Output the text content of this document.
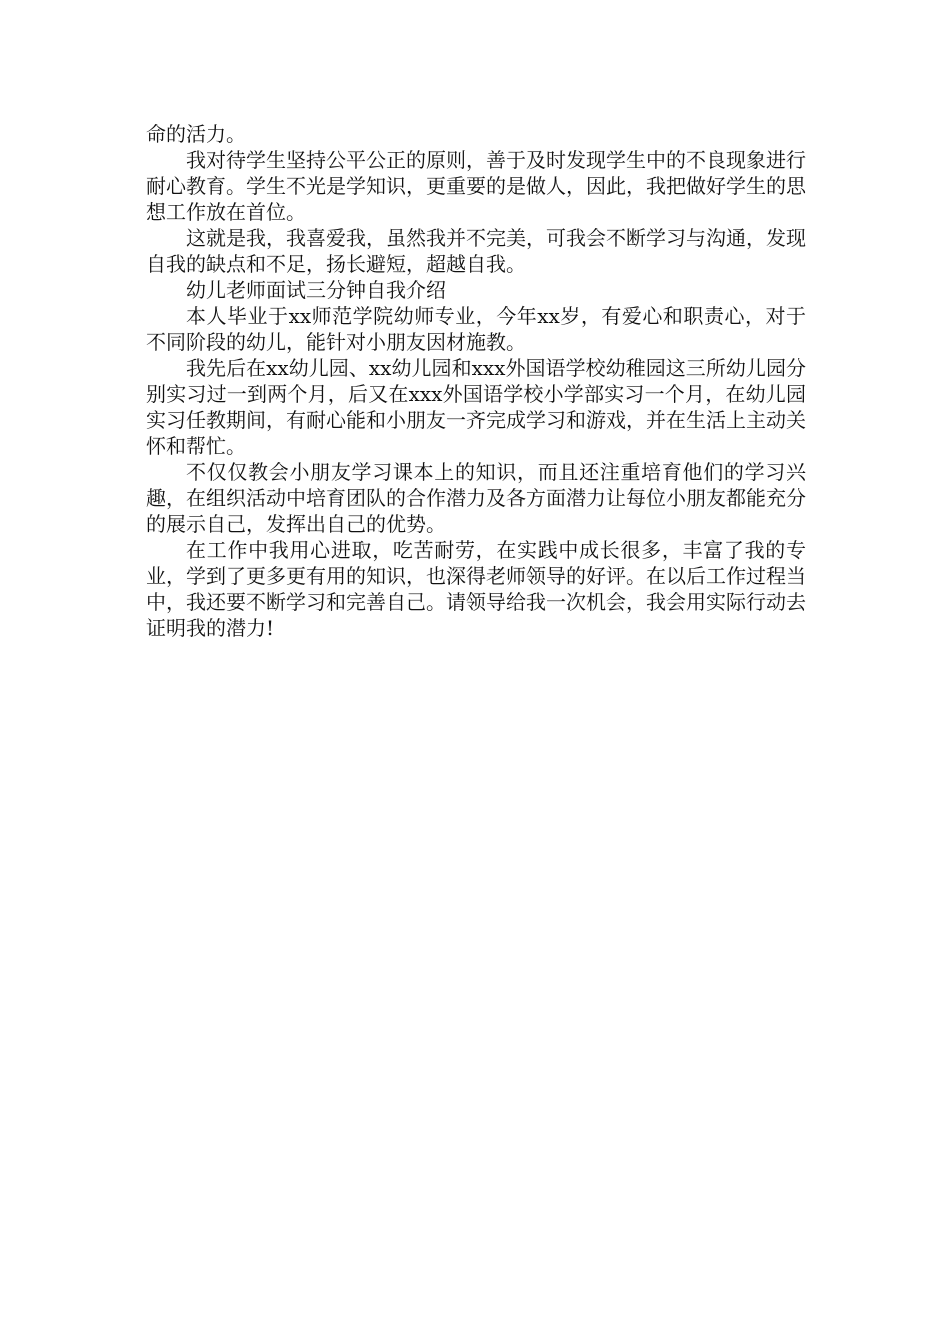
命的活力。

我对待学生坚持公平公正的原则，善于及时发现学生中的不良现象进行耐心教育。学生不光是学知识，更重要的是做人，因此，我把做好学生的思想工作放在首位。

这就是我，我喜爱我，虽然我并不完美，可我会不断学习与沟通，发现自我的缺点和不足，扬长避短，超越自我。

幼儿老师面试三分钟自我介绍

本人毕业于xx师范学院幼师专业，今年xx岁，有爱心和职责心，对于不同阶段的幼儿，能针对小朋友因材施教。

我先后在xx幼儿园、xx幼儿园和xxx外国语学校幼稚园这三所幼儿园分别实习过一到两个月，后又在xxx外国语学校小学部实习一个月，在幼儿园实习任教期间，有耐心能和小朋友一齐完成学习和游戏，并在生活上主动关怀和帮忙。

不仅仅教会小朋友学习课本上的知识，而且还注重培育他们的学习兴趣，在组织活动中培育团队的合作潜力及各方面潜力让每位小朋友都能充分的展示自己，发挥出自己的优势。

在工作中我用心进取，吃苦耐劳，在实践中成长很多，丰富了我的专业，学到了更多更有用的知识，也深得老师领导的好评。在以后工作过程当中，我还要不断学习和完善自己。请领导给我一次机会，我会用实际行动去证明我的潜力!
